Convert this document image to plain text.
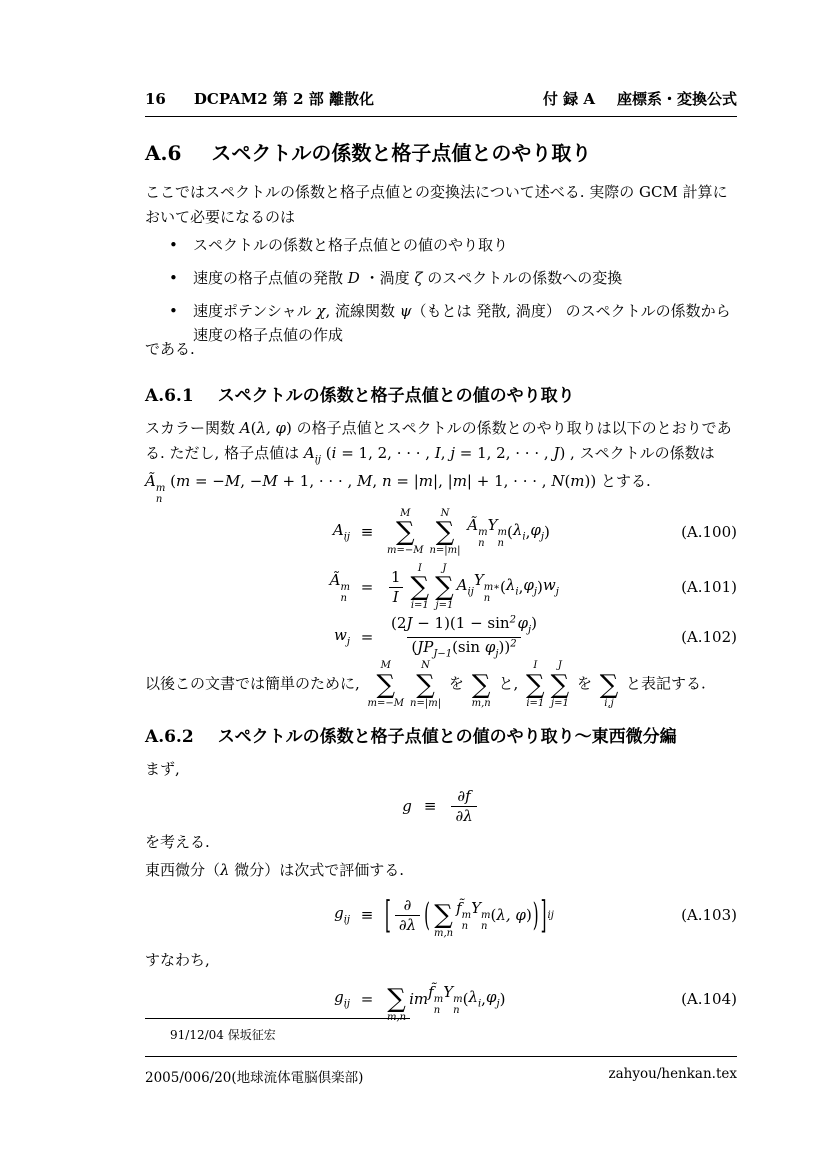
16 DCPAM2 第 2 部 離散化	付 録 A 座標系・変換公式
A.6 スペクトルの係数と格子点値とのやり取り
ここではスペクトルの係数と格子点値との変換法について述べる. 実際の GCM 計算において必要になるのは
•	スペクトルの係数と格子点値との値のやり取り
•	速度の格子点値の発散 D ・渦度 ζ のスペクトルの係数への変換
•	速度ポテンシャル χ, 流線関数 ψ（もとは 発散, 渦度） のスペクトルの係数から速度の格子点値の作成
である.
A.6.1 スペクトルの係数と格子点値との値のやり取り
スカラー関数 A(λ, φ) の格子点値とスペクトルの係数とのやり取りは以下のとおりである. ただし, 格子点値は $A_{ij}$ (i = 1, 2, · · · , I, j = 1, 2, · · · , J) , スペクトルの係数は Ã m
n
(m = −M, −M + 1, · · · , M, n = |m|, |m| + 1, · · · , N(m)) とする.
$A_{ij}$ ≡
M
∑
m=−M
N
∑
n=|m|
Ã m
n
Y m
n
( $\lambda_i$ , $\varphi_j$ )	(A.100)
Ã m
n
= $\frac{1}{I}$ I
∑
i=1
J
∑
j=1
$A_{ij}$
Y m∗
n
( $\lambda_i$ , $\varphi_j$ ) $w_j$	(A.101)
$w_j = \frac{(2J - 1)(1 - \sin^2 \varphi_j)}{(JP_{J-1}(\sin \varphi_j))^2}$	(A.102)
以後この文書では簡単のために,
M
∑
m=−M
N
∑
n=|m|
を
∑
m,n
と,
I
∑
i=1
J
∑
j=1
を
∑
i,j
と表記する.
A.6.2 スペクトルの係数と格子点値との値のやり取り～東西微分編
まず,
$g \equiv \frac{\partial f}{\partial\lambda}$
を考える.
東西微分（λ 微分）は次式で評価する.
$g_{ij}$ ≡ [ $\frac{\partial}{\partial\lambda}$ (
∑
m,n
f̃ m
n
Y m
n
( λ, φ ) ) ] ij	(A.103)
すなわち,
$g_{ij}$ =
∑
m,n
im f̃ m
n
Y m
n
( $\lambda_i$ , $\varphi_j$ )	(A.104)
91/12/04 保坂征宏
2005/006/20(地球流体電脳倶楽部)	zahyou/henkan.tex
